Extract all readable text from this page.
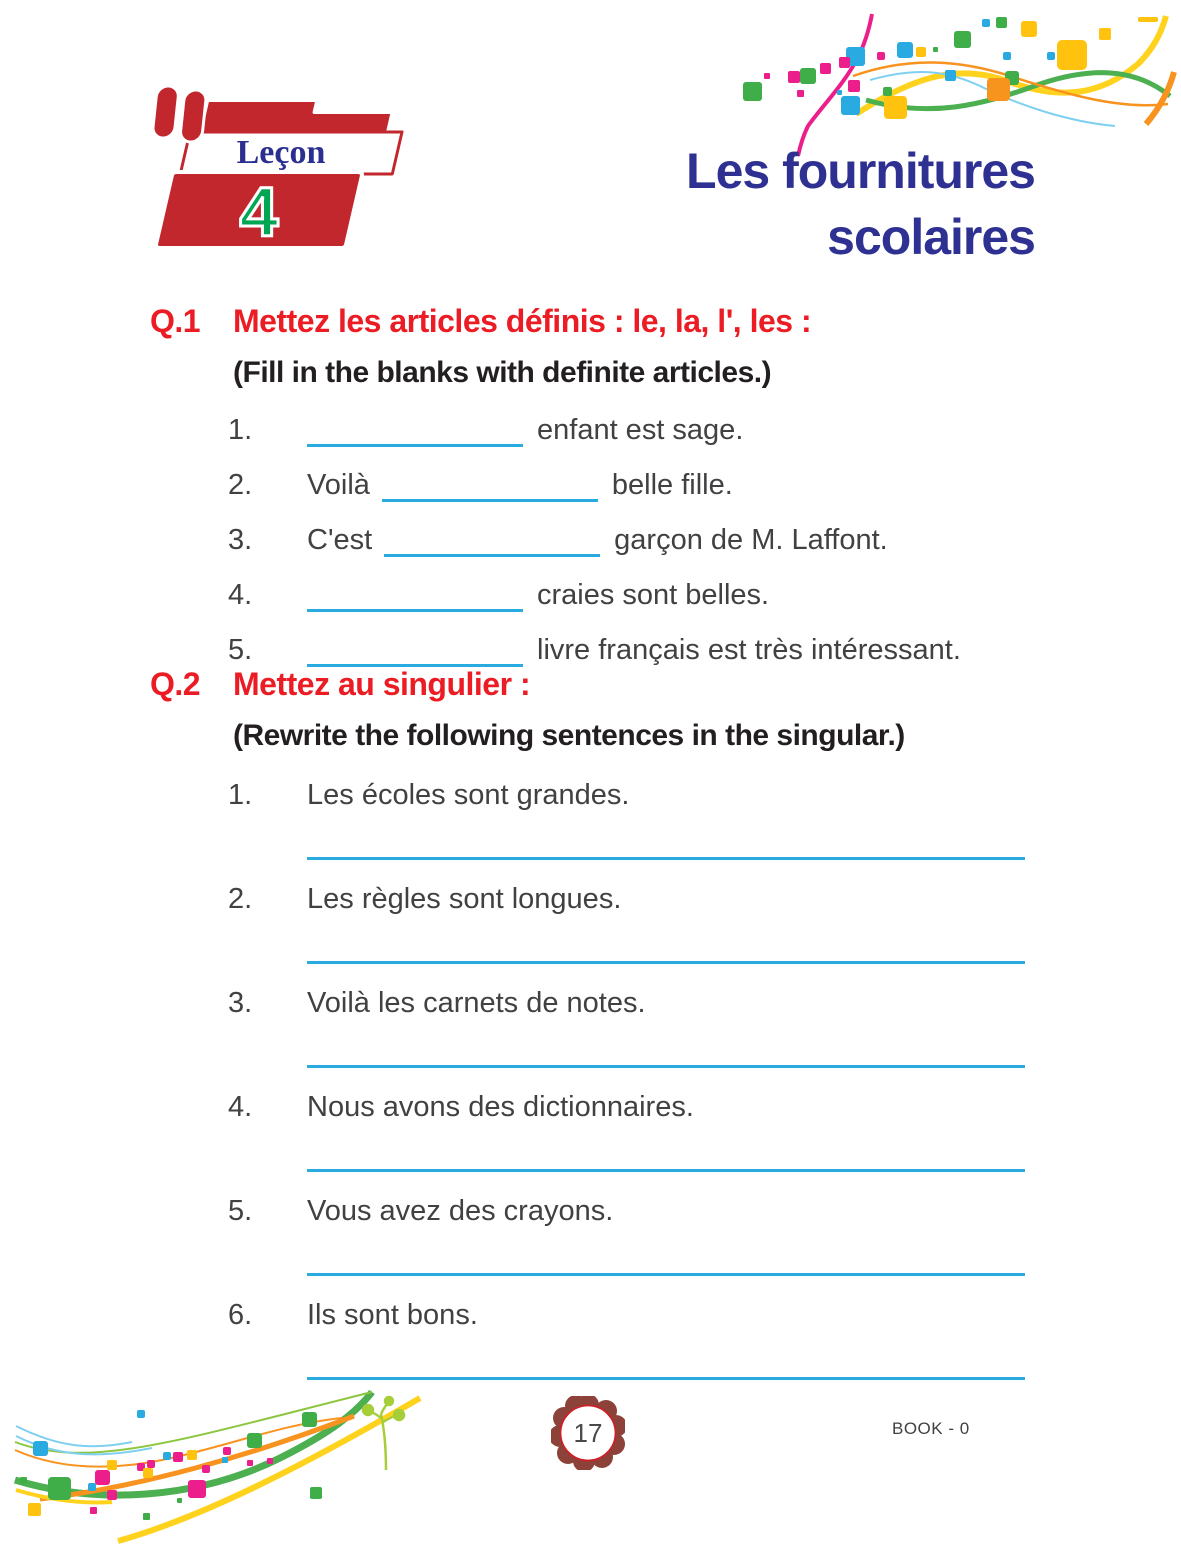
Leçon
4
Les fournitures
scolaires
Q.1 Mettez les articles définis : le, la, l', les :
(Fill in the blanks with definite articles.)
1.	enfant est sage.
2. Voilà	belle fille.
3. C'est	garçon de M. Laffont.
4.	craies sont belles.
5.	livre français est très intéressant.
Q.2 Mettez au singulier :
(Rewrite the following sentences in the singular.)
1. Les écoles sont grandes.
2. Les règles sont longues.
3. Voilà les carnets de notes.
4. Nous avons des dictionnaires.
5. Vous avez des crayons.
6. Ils sont bons.
17	BOOK - 0
